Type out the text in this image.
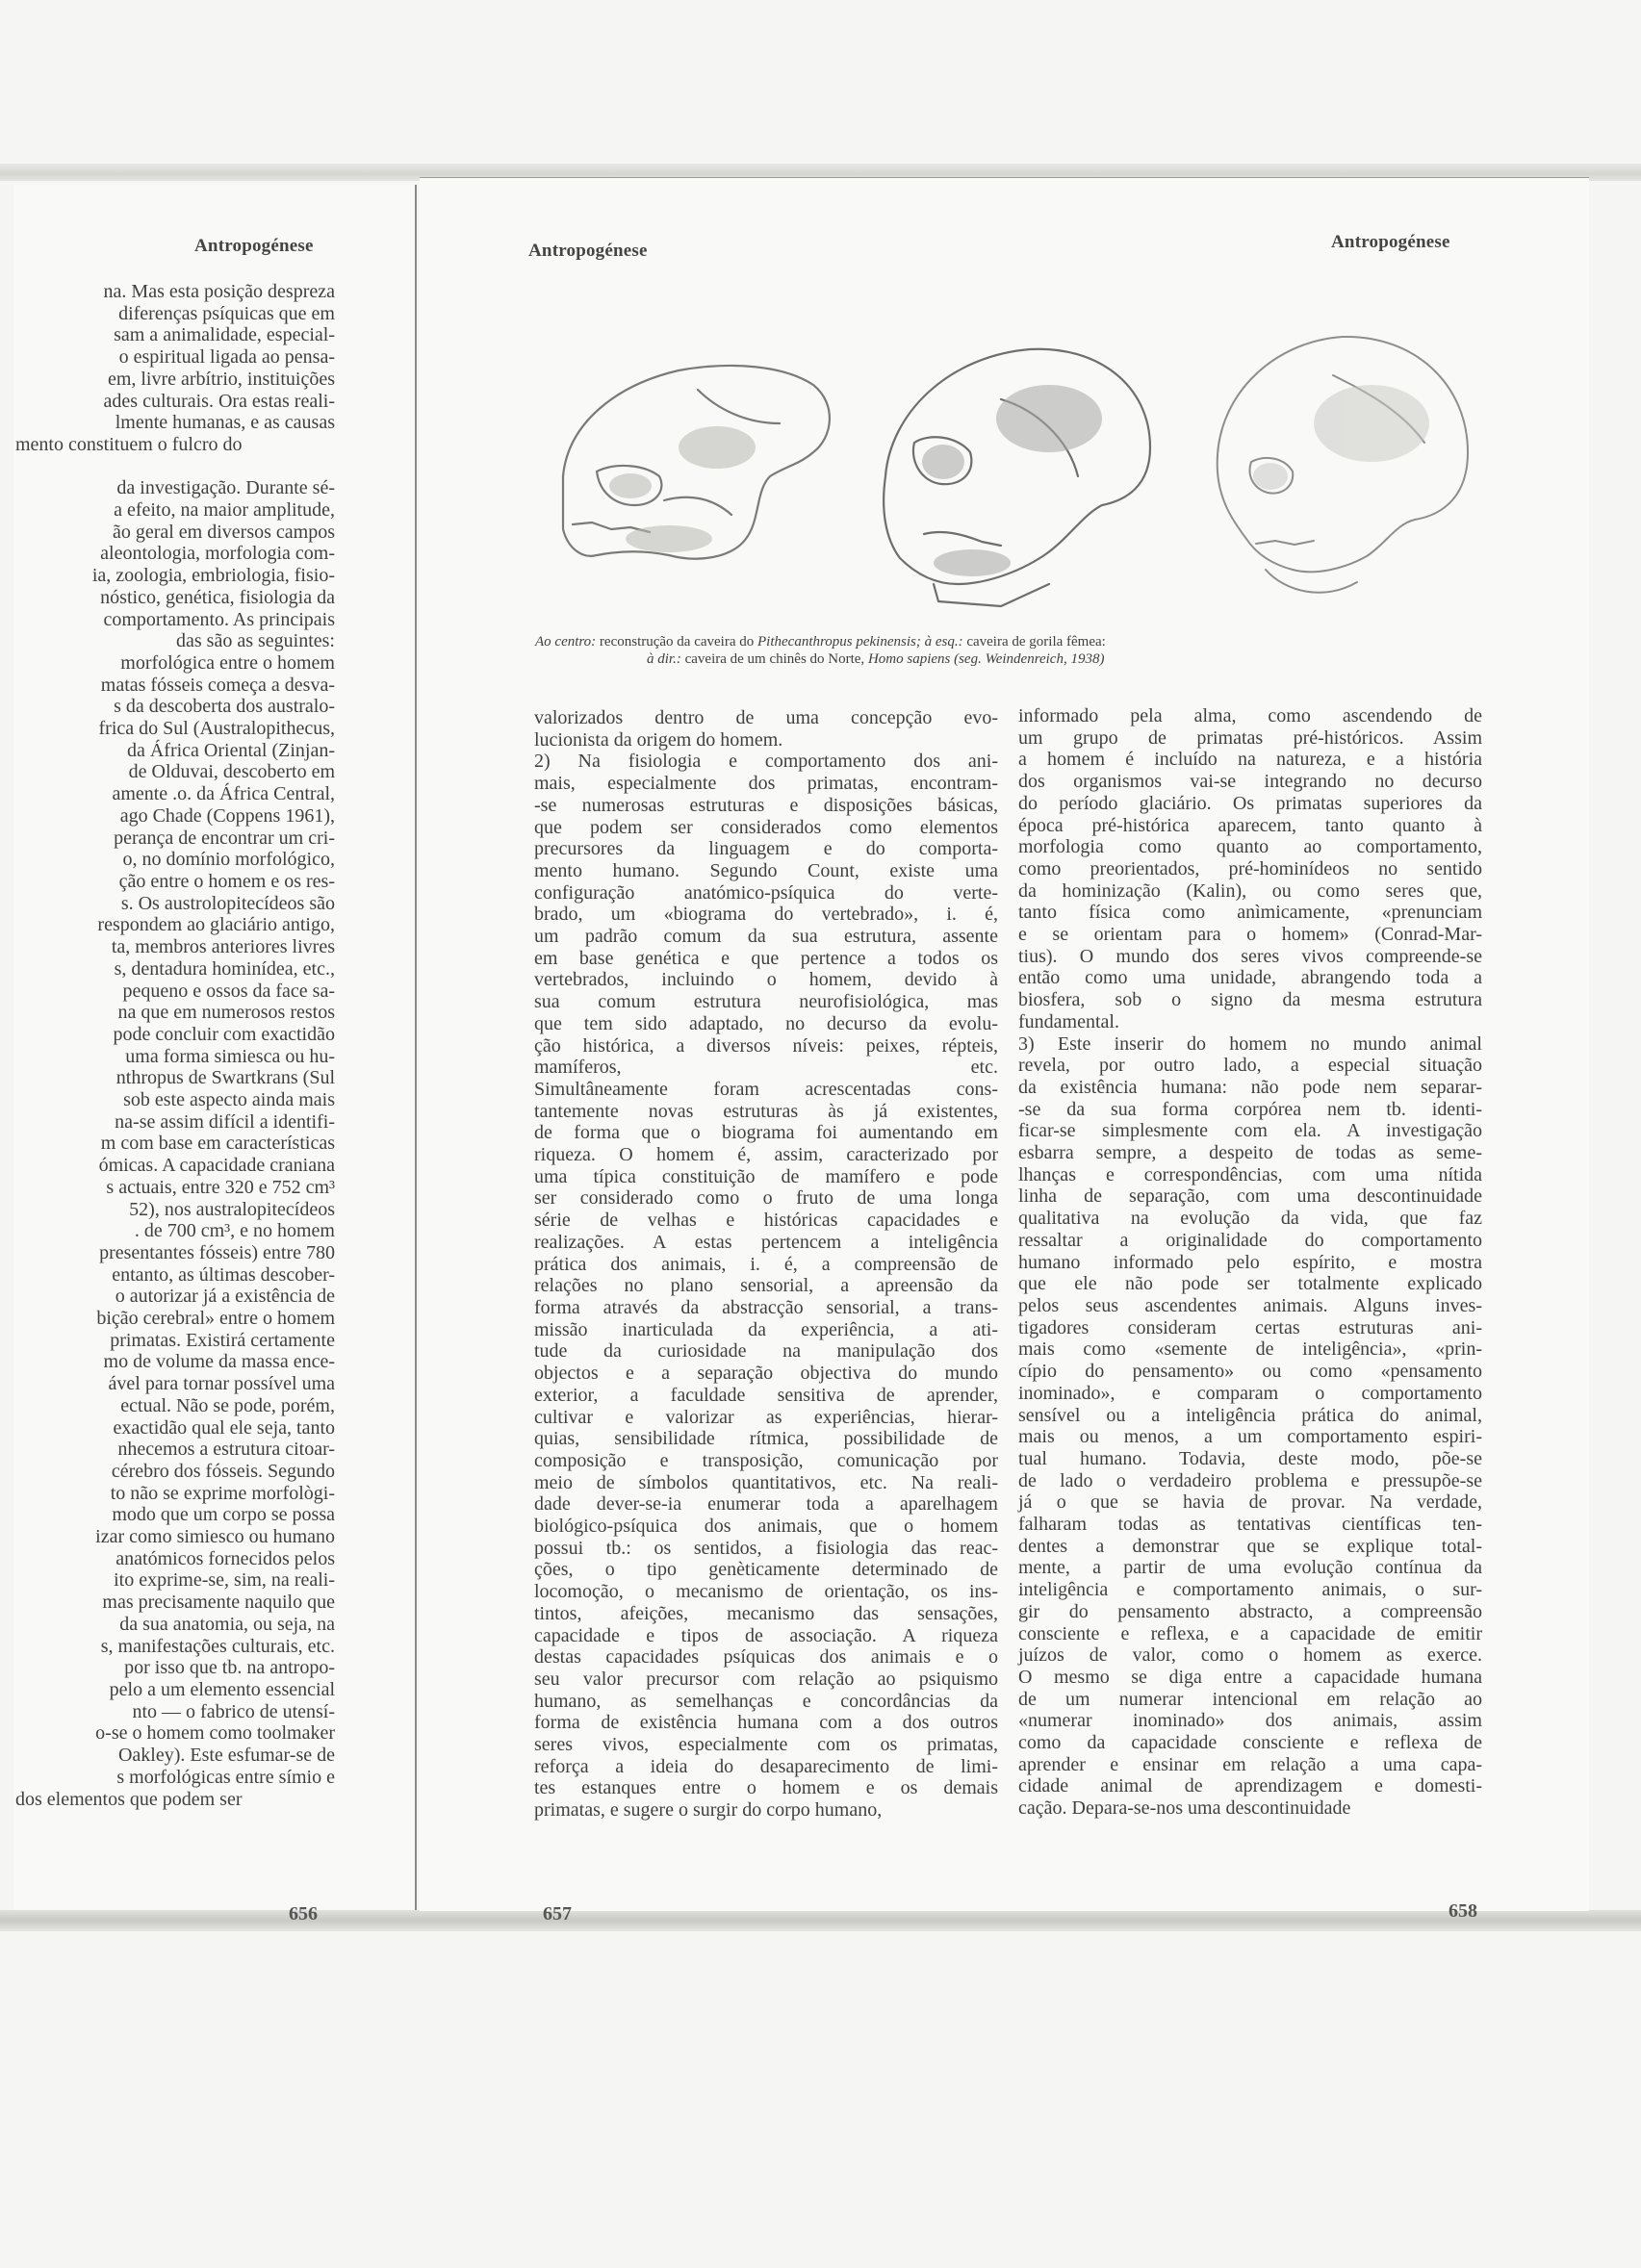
Antropogénese	Antropogénese	Antropogénese
Ao centro: reconstrução da caveira do Pithecanthropus pekinensis; à esq.: caveira de gorila fêmea:
à dir.: caveira de um chinês do Norte, Homo sapiens (seg. Weindenreich, 1938)
na. Mas esta posição despreza
diferenças psíquicas que em
sam a animalidade, especial-
o espiritual ligada ao pensa-
em, livre arbítrio, instituições
ades culturais. Ora estas reali-
lmente humanas, e as causas
mento constituem o fulcro do

da investigação. Durante sé-
a efeito, na maior amplitude,
ão geral em diversos campos
aleontologia, morfologia com-
ia, zoologia, embriologia, fisio-
nóstico, genética, fisiologia da
comportamento. As principais
das são as seguintes:
morfológica entre o homem
matas fósseis começa a desva-
s da descoberta dos australo-
frica do Sul (Australopithecus,
da África Oriental (Zinjan-
de Olduvai, descoberto em
amente .o. da África Central,
ago Chade (Coppens 1961),
perança de encontrar um cri-
o, no domínio morfológico,
ção entre o homem e os res-
s. Os austrolopitecídeos são
respondem ao glaciário antigo,
ta, membros anteriores livres
s, dentadura hominídea, etc.,
pequeno e ossos da face sa-
na que em numerosos restos
pode concluir com exactidão
uma forma simiesca ou hu-
nthropus de Swartkrans (Sul
sob este aspecto ainda mais
na-se assim difícil a identifi-
m com base em características
ómicas. A capacidade craniana
s actuais, entre 320 e 752 cm³
52), nos australopitecídeos
. de 700 cm³, e no homem
presentantes fósseis) entre 780
entanto, as últimas descober-
o autorizar já a existência de
bição cerebral» entre o homem
primatas. Existirá certamente
mo de volume da massa ence-
ável para tornar possível uma
ectual. Não se pode, porém,
exactidão qual ele seja, tanto
nhecemos a estrutura citoar-
cérebro dos fósseis. Segundo
to não se exprime morfològi-
modo que um corpo se possa
izar como simiesco ou humano
anatómicos fornecidos pelos
ito exprime-se, sim, na reali-
mas precisamente naquilo que
da sua anatomia, ou seja, na
s, manifestações culturais, etc.
por isso que tb. na antropo-
pelo a um elemento essencial
nto — o fabrico de utensí-
o-se o homem como toolmaker
Oakley). Este esfumar-se de
s morfológicas entre símio e
dos elementos que podem ser
valorizados dentro de uma concepção evo-
lucionista da origem do homem.
2) Na fisiologia e comportamento dos ani-
mais, especialmente dos primatas, encontram-
-se numerosas estruturas e disposições básicas,
que podem ser considerados como elementos
precursores da linguagem e do comporta-
mento humano. Segundo Count, existe uma
configuração anatómico-psíquica do verte-
brado, um «biograma do vertebrado», i. é,
um padrão comum da sua estrutura, assente
em base genética e que pertence a todos os
vertebrados, incluindo o homem, devido à
sua comum estrutura neurofisiológica, mas
que tem sido adaptado, no decurso da evolu-
ção histórica, a diversos níveis: peixes, répteis,
mamíferos, etc.
Simultâneamente foram acrescentadas cons-
tantemente novas estruturas às já existentes,
de forma que o biograma foi aumentando em
riqueza. O homem é, assim, caracterizado por
uma típica constituição de mamífero e pode
ser considerado como o fruto de uma longa
série de velhas e históricas capacidades e
realizações. A estas pertencem a inteligência
prática dos animais, i. é, a compreensão de
relações no plano sensorial, a apreensão da
forma através da abstracção sensorial, a trans-
missão inarticulada da experiência, a ati-
tude da curiosidade na manipulação dos
objectos e a separação objectiva do mundo
exterior, a faculdade sensitiva de aprender,
cultivar e valorizar as experiências, hierar-
quias, sensibilidade rítmica, possibilidade de
composição e transposição, comunicação por
meio de símbolos quantitativos, etc. Na reali-
dade dever-se-ia enumerar toda a aparelhagem
biológico-psíquica dos animais, que o homem
possui tb.: os sentidos, a fisiologia das reac-
ções, o tipo genèticamente determinado de
locomoção, o mecanismo de orientação, os ins-
tintos, afeições, mecanismo das sensações,
capacidade e tipos de associação. A riqueza
destas capacidades psíquicas dos animais e o
seu valor precursor com relação ao psiquismo
humano, as semelhanças e concordâncias da
forma de existência humana com a dos outros
seres vivos, especialmente com os primatas,
reforça a ideia do desaparecimento de limi-
tes estanques entre o homem e os demais
primatas, e sugere o surgir do corpo humano,
informado pela alma, como ascendendo de
um grupo de primatas pré-históricos. Assim
a homem é incluído na natureza, e a história
dos organismos vai-se integrando no decurso
do período glaciário. Os primatas superiores da
época pré-histórica aparecem, tanto quanto à
morfologia como quanto ao comportamento,
como preorientados, pré-hominídeos no sentido
da hominização (Kalin), ou como seres que,
tanto física como anìmicamente, «prenunciam
e se orientam para o homem» (Conrad-Mar-
tius). O mundo dos seres vivos compreende-se
então como uma unidade, abrangendo toda a
biosfera, sob o signo da mesma estrutura
fundamental.
3) Este inserir do homem no mundo animal
revela, por outro lado, a especial situação
da existência humana: não pode nem separar-
-se da sua forma corpórea nem tb. identi-
ficar-se simplesmente com ela. A investigação
esbarra sempre, a despeito de todas as seme-
lhanças e correspondências, com uma nítida
linha de separação, com uma descontinuidade
qualitativa na evolução da vida, que faz
ressaltar a originalidade do comportamento
humano informado pelo espírito, e mostra
que ele não pode ser totalmente explicado
pelos seus ascendentes animais. Alguns inves-
tigadores consideram certas estruturas ani-
mais como «semente de inteligência», «prin-
cípio do pensamento» ou como «pensamento
inominado», e comparam o comportamento
sensível ou a inteligência prática do animal,
mais ou menos, a um comportamento espiri-
tual humano. Todavia, deste modo, põe-se
de lado o verdadeiro problema e pressupõe-se
já o que se havia de provar. Na verdade,
falharam todas as tentativas científicas ten-
dentes a demonstrar que se explique total-
mente, a partir de uma evolução contínua da
inteligência e comportamento animais, o sur-
gir do pensamento abstracto, a compreensão
consciente e reflexa, e a capacidade de emitir
juízos de valor, como o homem as exerce.
O mesmo se diga entre a capacidade humana
de um numerar intencional em relação ao
«numerar inominado» dos animais, assim
como da capacidade consciente e reflexa de
aprender e ensinar em relação a uma capa-
cidade animal de aprendizagem e domesti-
cação. Depara-se-nos uma descontinuidade
656	657	658
